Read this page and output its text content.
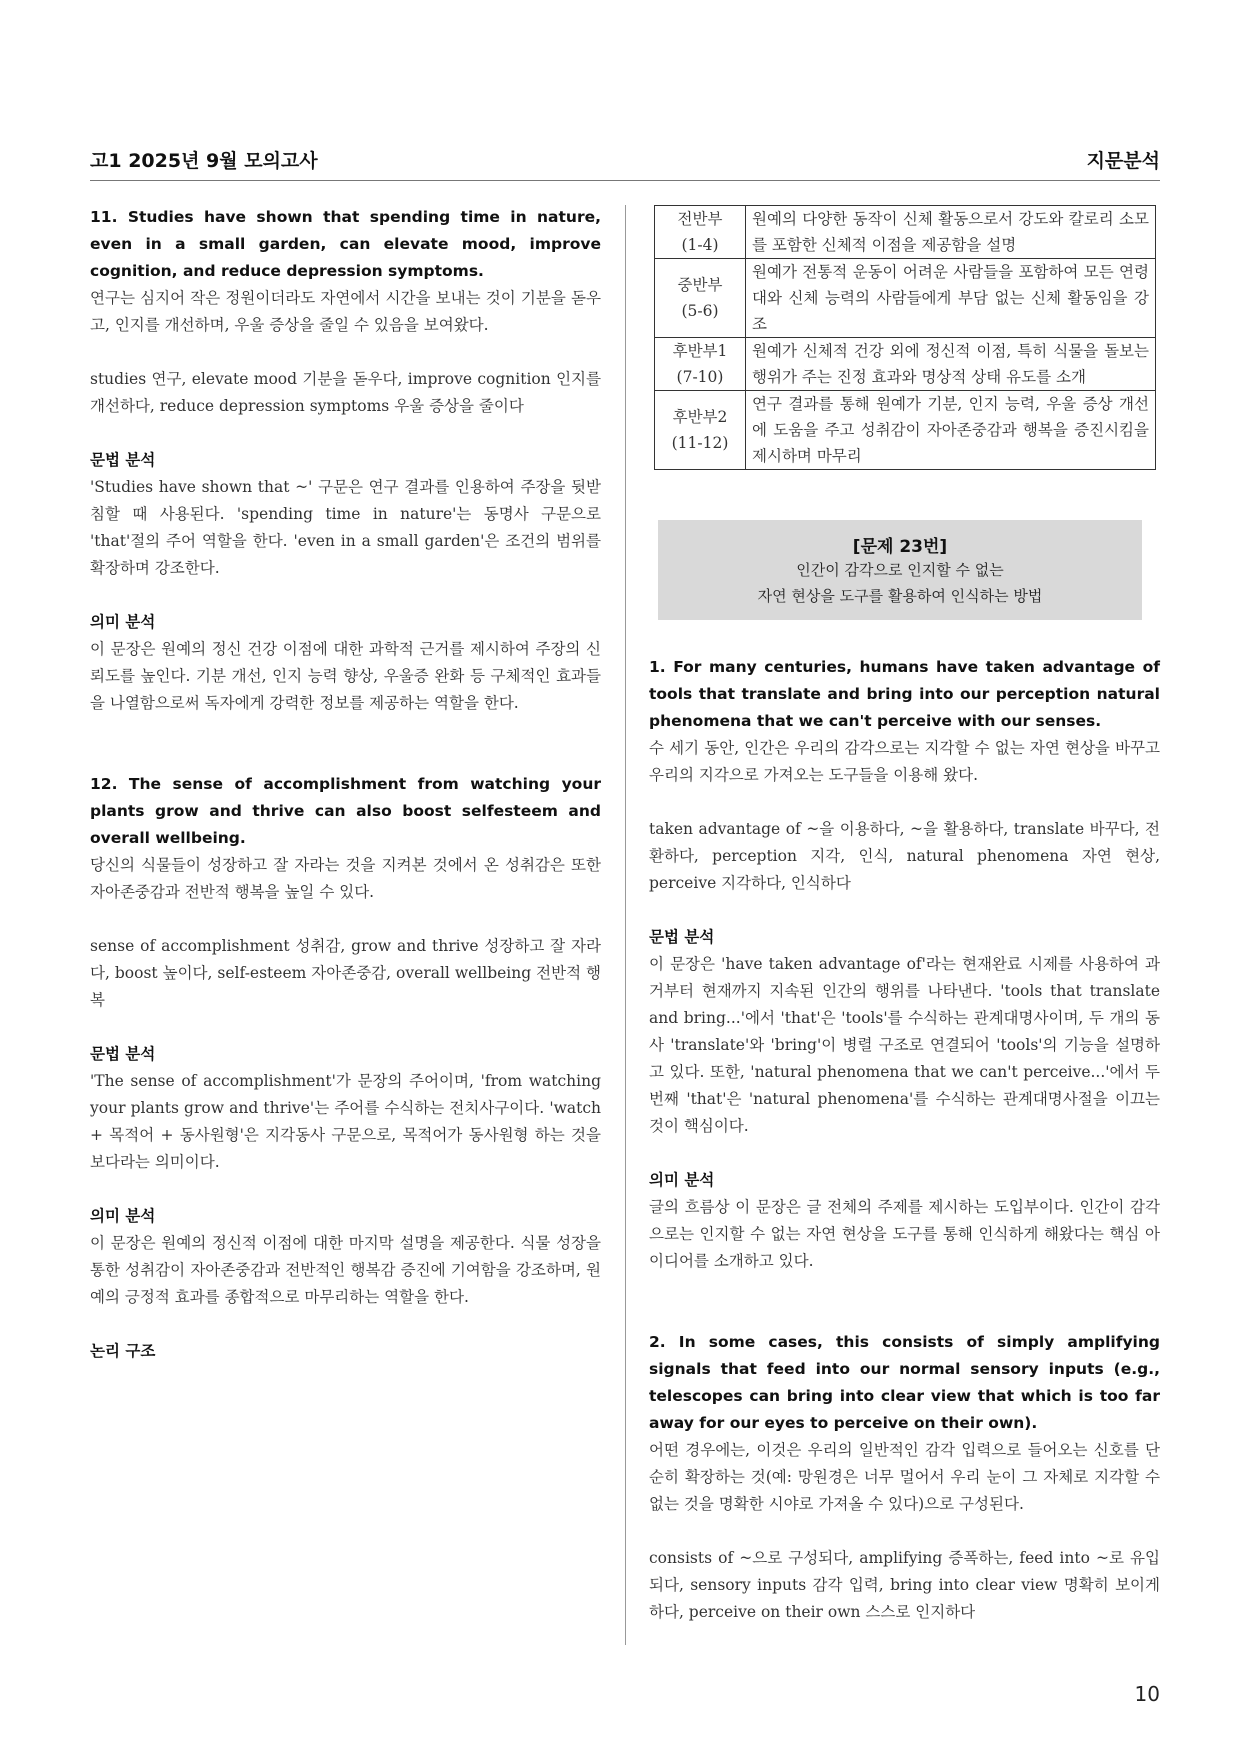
고1 2025년 9월 모의고사	지문분석
11. Studies have shown that spending time in nature, even in a small garden, can elevate mood, improve cognition, and reduce depression symptoms.
연구는 심지어 작은 정원이더라도 자연에서 시간을 보내는 것이 기분을 돋우고, 인지를 개선하며, 우울 증상을 줄일 수 있음을 보여왔다.
studies 연구, elevate mood 기분을 돋우다, improve cognition 인지를 개선하다, reduce depression symptoms 우울 증상을 줄이다
문법 분석
'Studies have shown that ~' 구문은 연구 결과를 인용하여 주장을 뒷받침할 때 사용된다. 'spending time in nature'는 동명사 구문으로 'that'절의 주어 역할을 한다. 'even in a small garden'은 조건의 범위를 확장하며 강조한다.
의미 분석
이 문장은 원예의 정신 건강 이점에 대한 과학적 근거를 제시하여 주장의 신뢰도를 높인다. 기분 개선, 인지 능력 향상, 우울증 완화 등 구체적인 효과들을 나열함으로써 독자에게 강력한 정보를 제공하는 역할을 한다.
12. The sense of accomplishment from watching your plants grow and thrive can also boost selfesteem and overall wellbeing.
당신의 식물들이 성장하고 잘 자라는 것을 지켜본 것에서 온 성취감은 또한 자아존중감과 전반적 행복을 높일 수 있다.
sense of accomplishment 성취감, grow and thrive 성장하고 잘 자라다, boost 높이다, self-esteem 자아존중감, overall wellbeing 전반적 행복
문법 분석
'The sense of accomplishment'가 문장의 주어이며, 'from watching your plants grow and thrive'는 주어를 수식하는 전치사구이다. 'watch + 목적어 + 동사원형'은 지각동사 구문으로, 목적어가 동사원형 하는 것을 보다라는 의미이다.
의미 분석
이 문장은 원예의 정신적 이점에 대한 마지막 설명을 제공한다. 식물 성장을 통한 성취감이 자아존중감과 전반적인 행복감 증진에 기여함을 강조하며, 원예의 긍정적 효과를 종합적으로 마무리하는 역할을 한다.
논리 구조
전반부
(1-4)	원예의 다양한 동작이 신체 활동으로서 강도와 칼로리 소모를 포함한 신체적 이점을 제공함을 설명

중반부
(5-6)	원예가 전통적 운동이 어려운 사람들을 포함하여 모든 연령대와 신체 능력의 사람들에게 부담 없는 신체 활동임을 강조

후반부1
(7-10)	원예가 신체적 건강 외에 정신적 이점, 특히 식물을 돌보는 행위가 주는 진정 효과와 명상적 상태 유도를 소개

후반부2
(11-12)	연구 결과를 통해 원예가 기분, 인지 능력, 우울 증상 개선에 도움을 주고 성취감이 자아존중감과 행복을 증진시킴을 제시하며 마무리
[문제 23번]
인간이 감각으로 인지할 수 없는
자연 현상을 도구를 활용하여 인식하는 방법
1. For many centuries, humans have taken advantage of tools that translate and bring into our perception natural phenomena that we can't perceive with our senses.
수 세기 동안, 인간은 우리의 감각으로는 지각할 수 없는 자연 현상을 바꾸고 우리의 지각으로 가져오는 도구들을 이용해 왔다.
taken advantage of ~을 이용하다, ~을 활용하다, translate 바꾸다, 전환하다, perception 지각, 인식, natural phenomena 자연 현상, perceive 지각하다, 인식하다
문법 분석
이 문장은 'have taken advantage of'라는 현재완료 시제를 사용하여 과거부터 현재까지 지속된 인간의 행위를 나타낸다. 'tools that translate and bring...'에서 'that'은 'tools'를 수식하는 관계대명사이며, 두 개의 동사 'translate'와 'bring'이 병렬 구조로 연결되어 'tools'의 기능을 설명하고 있다. 또한, 'natural phenomena that we can't perceive...'에서 두 번째 'that'은 'natural phenomena'를 수식하는 관계대명사절을 이끄는 것이 핵심이다.
의미 분석
글의 흐름상 이 문장은 글 전체의 주제를 제시하는 도입부이다. 인간이 감각으로는 인지할 수 없는 자연 현상을 도구를 통해 인식하게 해왔다는 핵심 아이디어를 소개하고 있다.
2. In some cases, this consists of simply amplifying signals that feed into our normal sensory inputs (e.g., telescopes can bring into clear view that which is too far away for our eyes to perceive on their own).
어떤 경우에는, 이것은 우리의 일반적인 감각 입력으로 들어오는 신호를 단순히 확장하는 것(예: 망원경은 너무 멀어서 우리 눈이 그 자체로 지각할 수 없는 것을 명확한 시야로 가져올 수 있다)으로 구성된다.
consists of ~으로 구성되다, amplifying 증폭하는, feed into ~로 유입되다, sensory inputs 감각 입력, bring into clear view 명확히 보이게 하다, perceive on their own 스스로 인지하다
10
